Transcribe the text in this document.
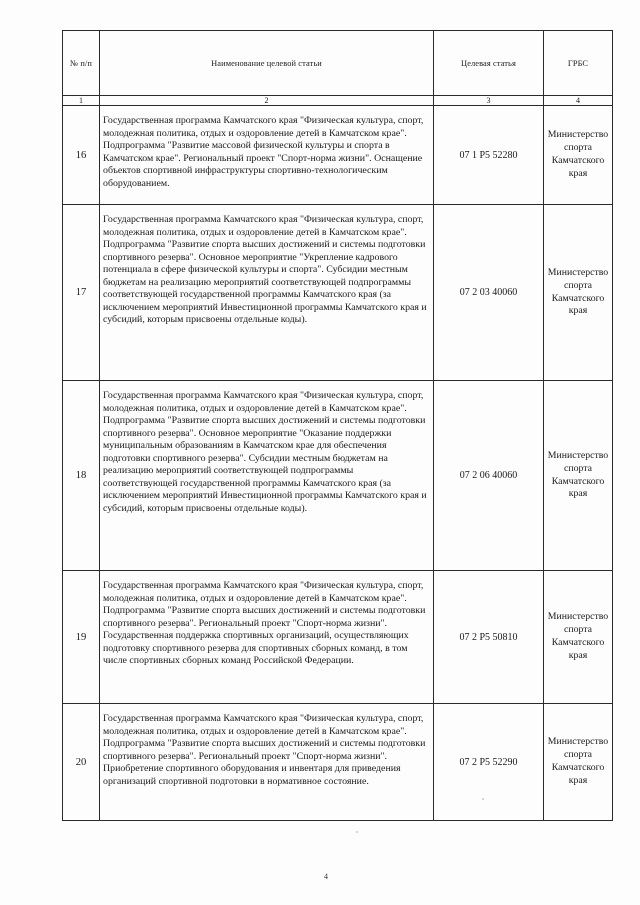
№ п/п	Наименование целевой статьи	Целевая статья	ГРБС
1	2	3	4
16	Государственная программа Камчатского края "Физическая культура, спорт, молодежная политика, отдых и оздоровление детей в Камчатском крае". Подпрограмма "Развитие массовой физической культуры и спорта в Камчатском крае". Региональный проект "Спорт-норма жизни". Оснащение объектов спортивной инфраструктуры спортивно-технологическим оборудованием.	07 1 P5 52280	Министерство спорта Камчатского края
17	Государственная программа Камчатского края "Физическая культура, спорт, молодежная политика, отдых и оздоровление детей в Камчатском крае". Подпрограмма "Развитие спорта высших достижений и системы подготовки спортивного резерва". Основное мероприятие "Укрепление кадрового потенциала в сфере физической культуры и спорта". Субсидии местным бюджетам на реализацию мероприятий соответствующей подпрограммы соответствующей государственной программы Камчатского края (за исключением мероприятий Инвестиционной программы Камчатского края и субсидий, которым присвоены отдельные коды).	07 2 03 40060	Министерство спорта Камчатского края
18	Государственная программа Камчатского края "Физическая культура, спорт, молодежная политика, отдых и оздоровление детей в Камчатском крае". Подпрограмма "Развитие спорта высших достижений и системы подготовки спортивного резерва". Основное мероприятие "Оказание поддержки муниципальным образованиям в Камчатском крае для обеспечения подготовки спортивного резерва". Субсидии местным бюджетам на реализацию мероприятий соответствующей подпрограммы соответствующей государственной программы Камчатского края (за исключением мероприятий Инвестиционной программы Камчатского края и субсидий, которым присвоены отдельные коды).	07 2 06 40060	Министерство спорта Камчатского края
19	Государственная программа Камчатского края "Физическая культура, спорт, молодежная политика, отдых и оздоровление детей в Камчатском крае". Подпрограмма "Развитие спорта высших достижений и системы подготовки спортивного резерва". Региональный проект "Спорт-норма жизни". Государственная поддержка спортивных организаций, осуществляющих подготовку спортивного резерва для спортивных сборных команд, в том числе спортивных сборных команд Российской Федерации.	07 2 P5 50810	Министерство спорта Камчатского края
20	Государственная программа Камчатского края "Физическая культура, спорт, молодежная политика, отдых и оздоровление детей в Камчатском крае". Подпрограмма "Развитие спорта высших достижений и системы подготовки спортивного резерва". Региональный проект "Спорт-норма жизни". Приобретение спортивного оборудования и инвентаря для приведения организаций спортивной подготовки в нормативное состояние.	07 2 P5 52290	Министерство спорта Камчатского края
4
